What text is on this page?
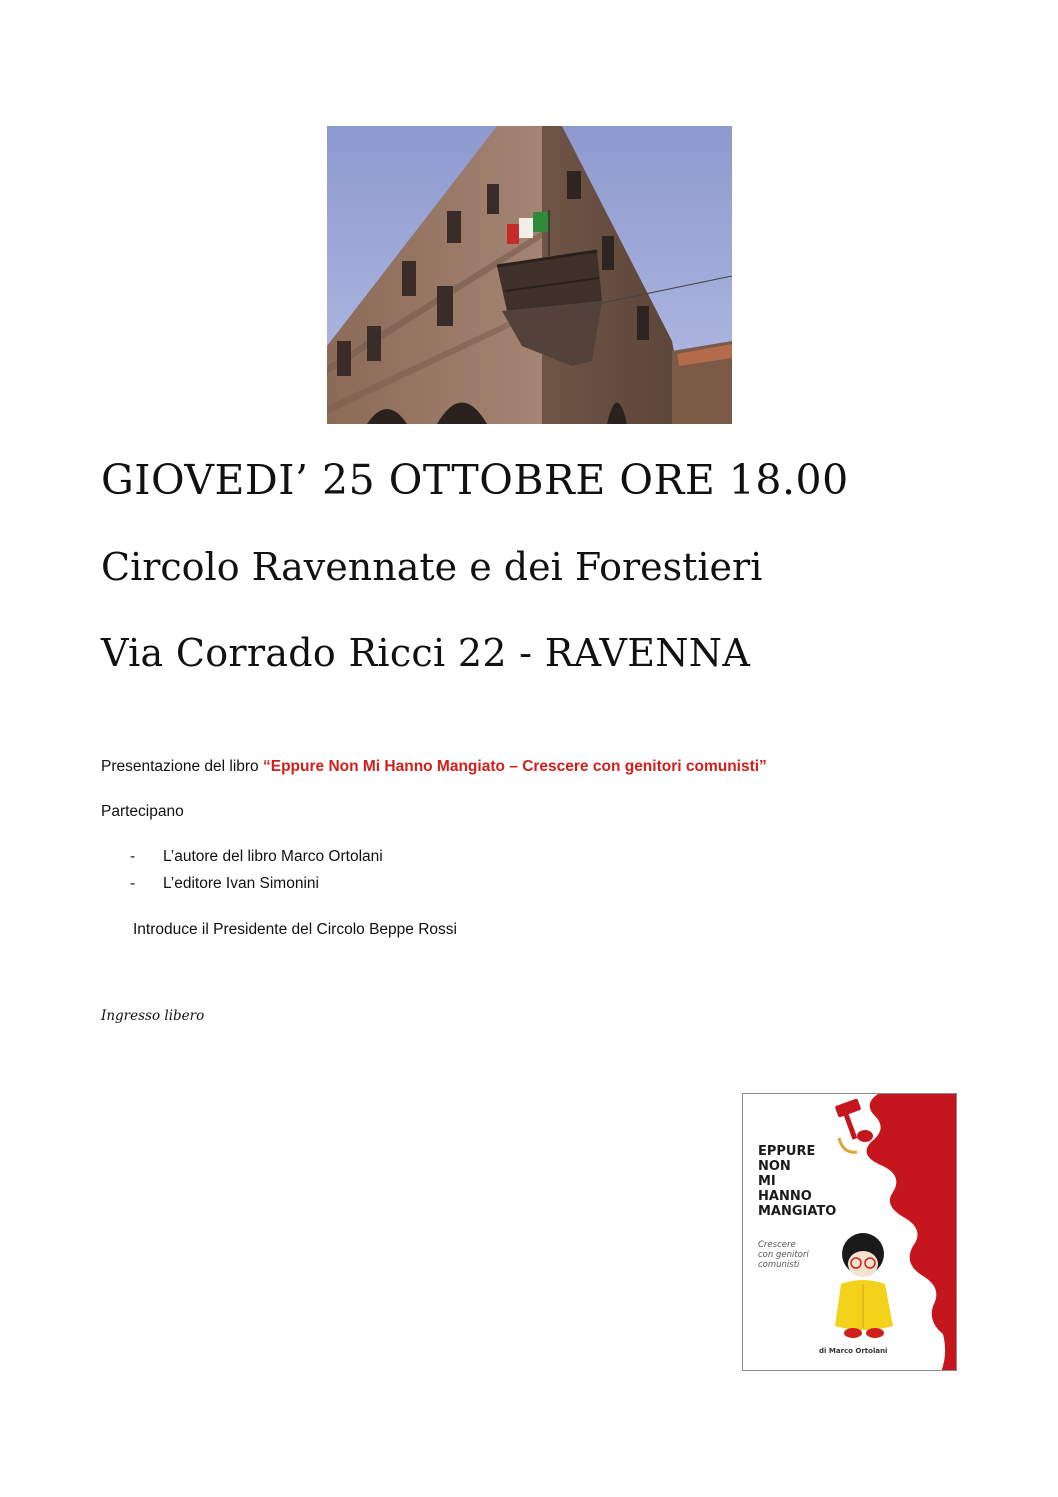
GIOVEDI’ 25 OTTOBRE ORE 18.00
Circolo Ravennate e dei Forestieri
Via Corrado Ricci 22 - RAVENNA
Presentazione del libro “Eppure Non Mi Hanno Mangiato – Crescere con genitori comunisti”
Partecipano
- L’autore del libro Marco Ortolani
- L’editore Ivan Simonini
Introduce il Presidente del Circolo Beppe Rossi
Ingresso libero
EPPURE
NON
MI
HANNO
MANGIATO
Crescere
con genitori
comunisti
di Marco Ortolani
